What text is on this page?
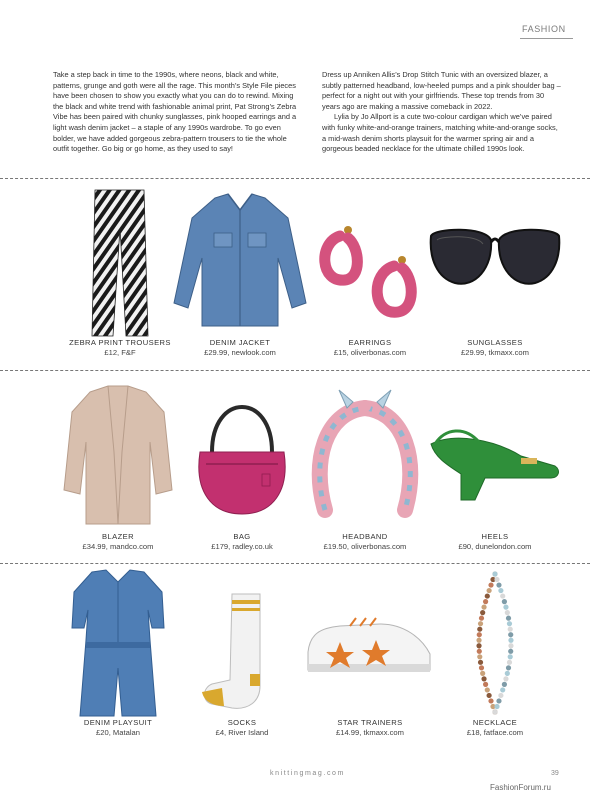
FASHION

Take a step back in time to the 1990s, where neons, black and white, patterns, grunge and goth were all the rage. This month’s Style File pieces have been chosen to show you exactly what you can do to rewind. Mixing the black and white trend with fashionable animal print, Pat Strong’s Zebra Vibe has been paired with chunky sunglasses, pink hooped earrings and a light wash denim jacket – a staple of any 1990s wardrobe. To go even bolder, we have added gorgeous zebra-pattern trousers to tie the whole outfit together. Go big or go home, as they used to say!

Dress up Anniken Allis’s Drop Stitch Tunic with an oversized blazer, a subtly patterned headband, low-heeled pumps and a pink shoulder bag – perfect for a night out with your girlfriends. These top trends from 30 years ago are making a massive comeback in 2022.

Lylia by Jo Allport is a cute two-colour cardigan which we’ve paired with funky white-and-orange trainers, matching white-and-orange socks, a mid-wash denim shorts playsuit for the warmer spring air and a gorgeous beaded necklace for the ultimate chilled 1990s look.

ZEBRA PRINT TROUSERS
£12, F&F
DENIM JACKET
£29.99, newlook.com
EARRINGS
£15, oliverbonas.com
SUNGLASSES
£29.99, tkmaxx.com
BLAZER
£34.99, mandco.com
BAG
£179, radley.co.uk
HEADBAND
£19.50, oliverbonas.com
HEELS
£90, dunelondon.com
DENIM PLAYSUIT
£20, Matalan
SOCKS
£4, River Island
STAR TRAINERS
£14.99, tkmaxx.com
NECKLACE
£18, fatface.com
knittingmag.com	39
FashionForum.ru
